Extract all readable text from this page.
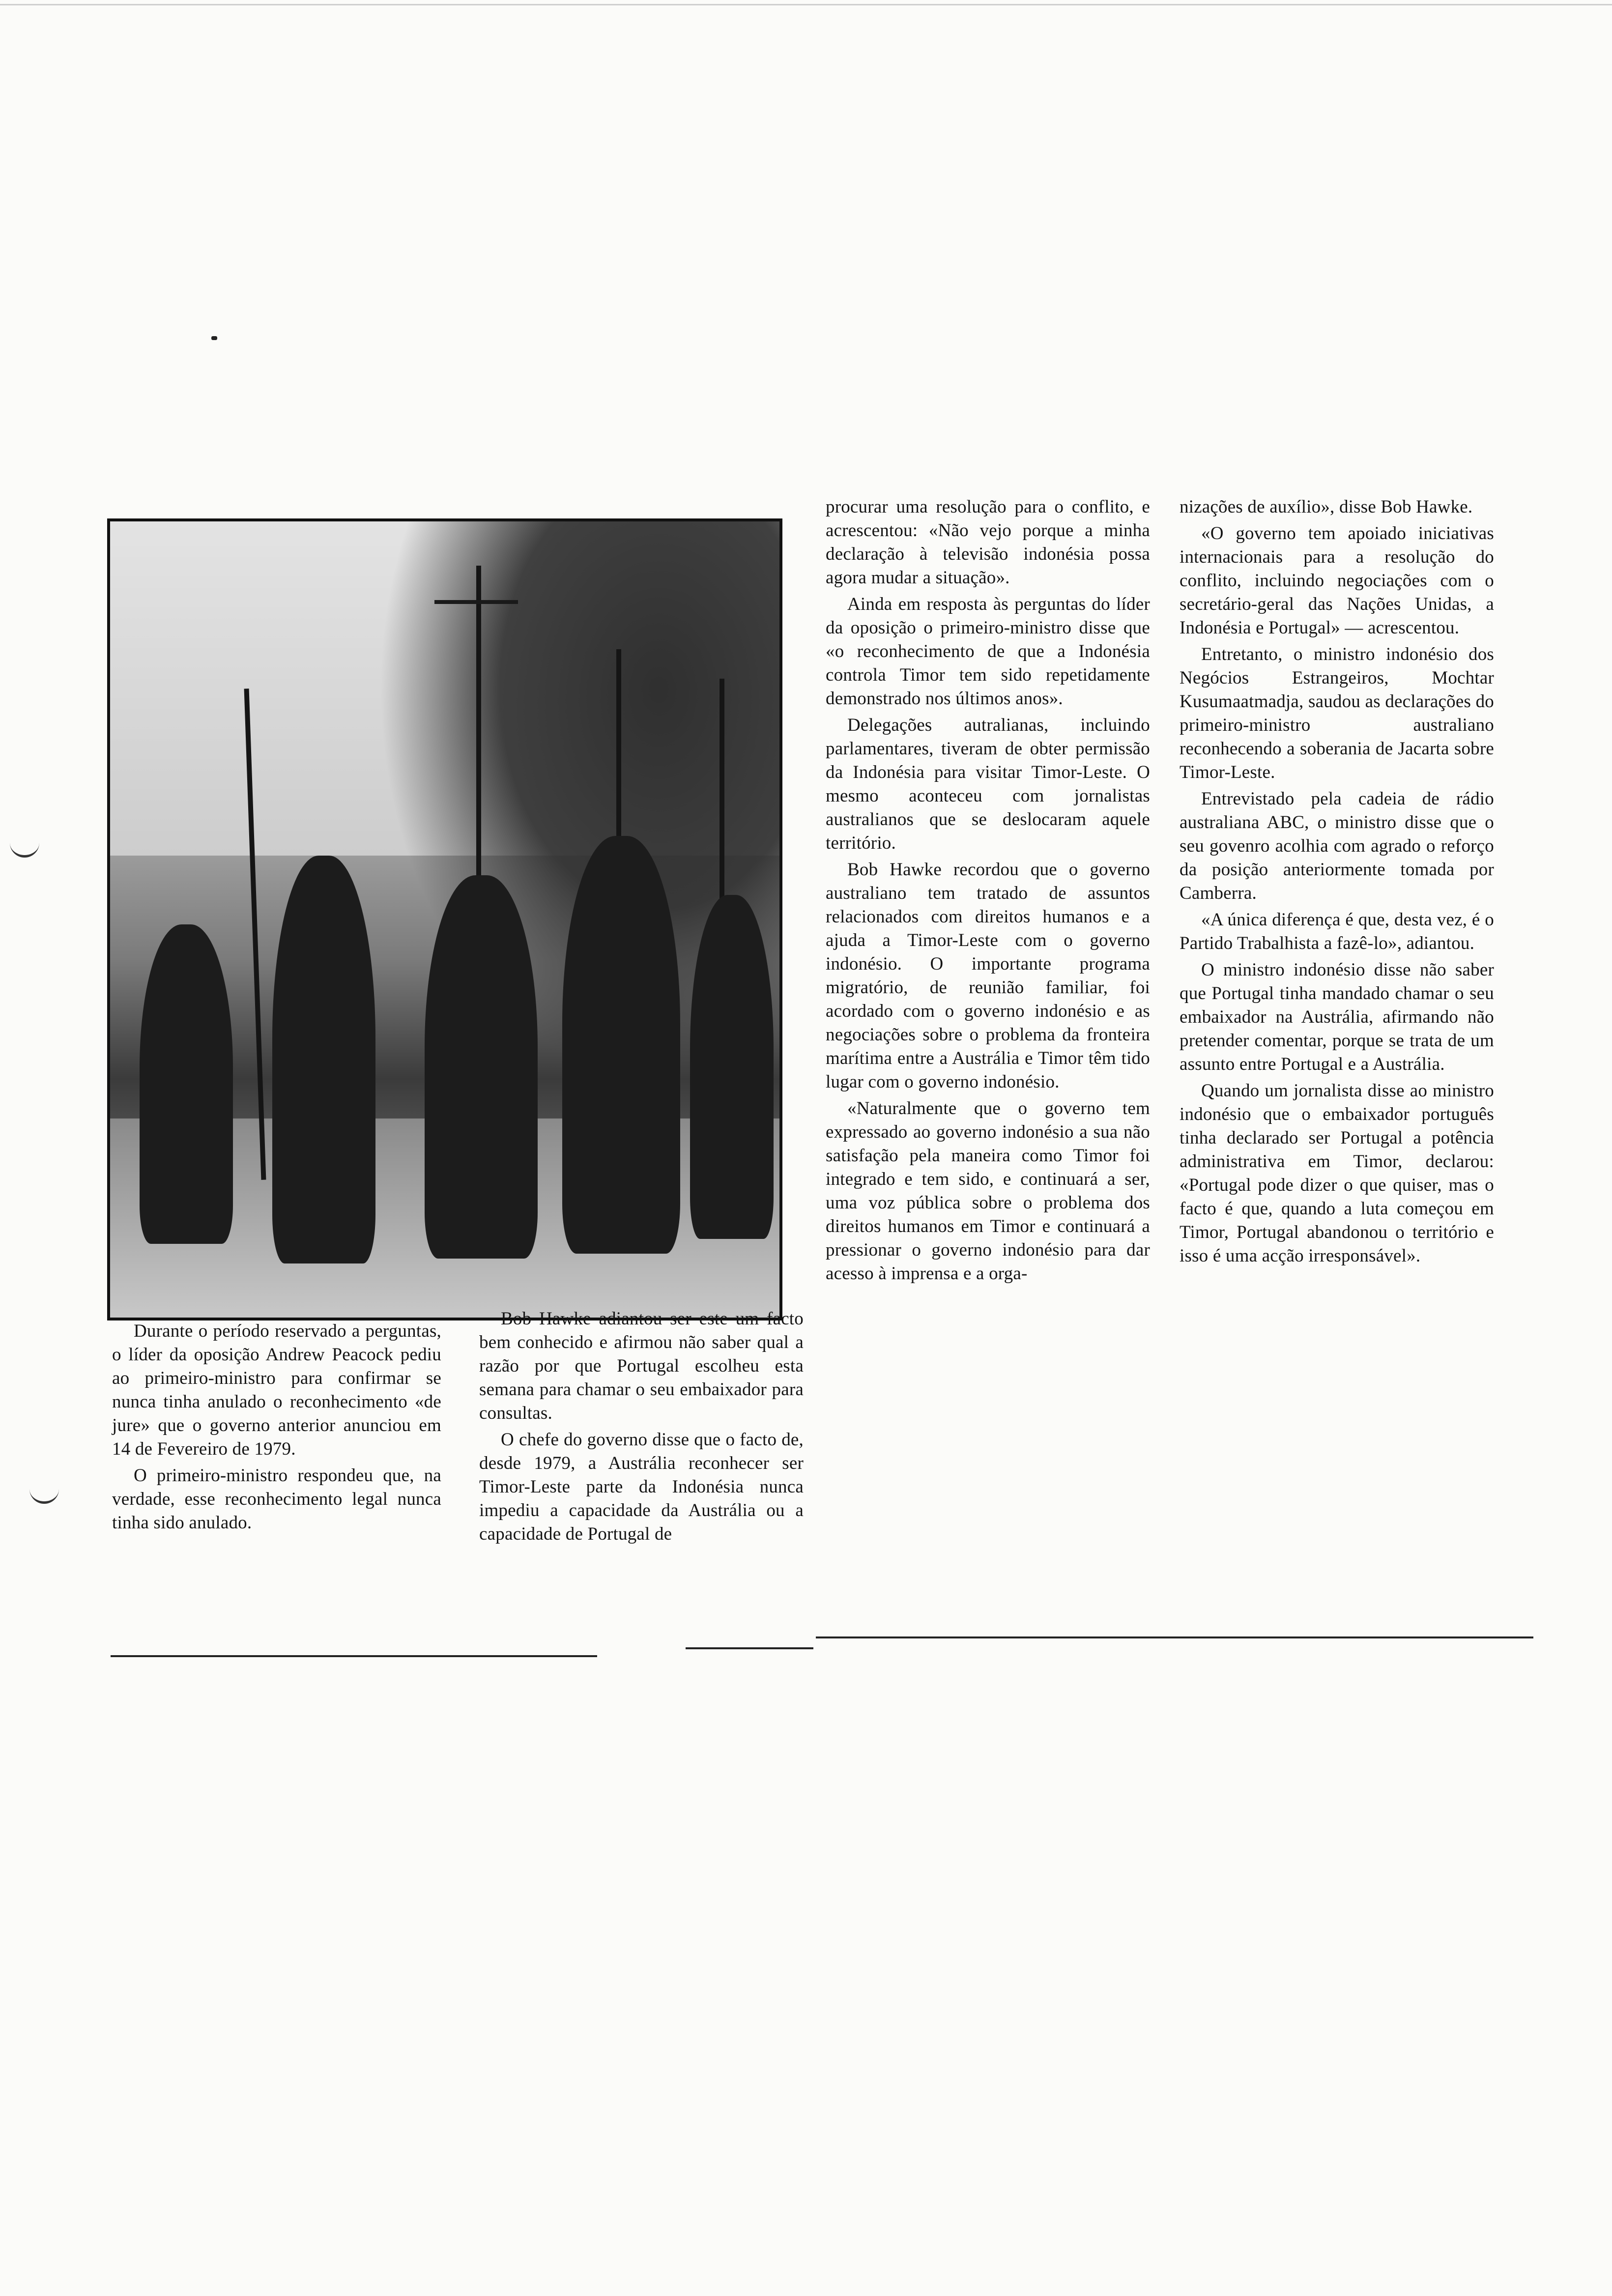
Durante o período reservado a perguntas, o líder da oposição Andrew Peacock pediu ao primeiro-ministro para confirmar se nunca tinha anulado o reconhecimento «de jure» que o governo anterior anunciou em 14 de Fevereiro de 1979.

O primeiro-ministro respondeu que, na verdade, esse reconhecimento legal nunca tinha sido anulado.

Bob Hawke adiantou ser este um facto bem conhecido e afirmou não saber qual a razão por que Portugal escolheu esta semana para chamar o seu embaixador para consultas.

O chefe do governo disse que o facto de, desde 1979, a Austrália reconhecer ser Timor-Leste parte da Indonésia nunca impediu a capacidade da Austrália ou a capacidade de Portugal de

procurar uma resolução para o conflito, e acrescentou: «Não vejo porque a minha declaração à televisão indonésia possa agora mudar a situação».

Ainda em resposta às perguntas do líder da oposição o primeiro-ministro disse que «o reconhecimento de que a Indonésia controla Timor tem sido repetidamente demonstrado nos últimos anos».

Delegações autralianas, incluindo parlamentares, tiveram de obter permissão da Indonésia para visitar Timor-Leste. O mesmo aconteceu com jornalistas australianos que se deslocaram aquele território.

Bob Hawke recordou que o governo australiano tem tratado de assuntos relacionados com direitos humanos e a ajuda a Timor-Leste com o governo indonésio. O importante programa migratório, de reunião familiar, foi acordado com o governo indonésio e as negociações sobre o problema da fronteira marítima entre a Austrália e Timor têm tido lugar com o governo indonésio.

«Naturalmente que o governo tem expressado ao governo indonésio a sua não satisfação pela maneira como Timor foi integrado e tem sido, e continuará a ser, uma voz pública sobre o problema dos direitos humanos em Timor e continuará a pressionar o governo indonésio para dar acesso à imprensa e a orga-

nizações de auxílio», disse Bob Hawke.

«O governo tem apoiado iniciativas internacionais para a resolução do conflito, incluindo negociações com o secretário-geral das Nações Unidas, a Indonésia e Portugal» — acrescentou.

Entretanto, o ministro indonésio dos Negócios Estrangeiros, Mochtar Kusumaatmadja, saudou as declarações do primeiro-ministro australiano reconhecendo a soberania de Jacarta sobre Timor-Leste.

Entrevistado pela cadeia de rádio australiana ABC, o ministro disse que o seu govenro acolhia com agrado o reforço da posição anteriormente tomada por Camberra.

«A única diferença é que, desta vez, é o Partido Trabalhista a fazê-lo», adiantou.

O ministro indonésio disse não saber que Portugal tinha mandado chamar o seu embaixador na Austrália, afirmando não pretender comentar, porque se trata de um assunto entre Portugal e a Austrália.

Quando um jornalista disse ao ministro indonésio que o embaixador português tinha declarado ser Portugal a potência administrativa em Timor, declarou: «Portugal pode dizer o que quiser, mas o facto é que, quando a luta começou em Timor, Portugal abandonou o território e isso é uma acção irresponsável».
